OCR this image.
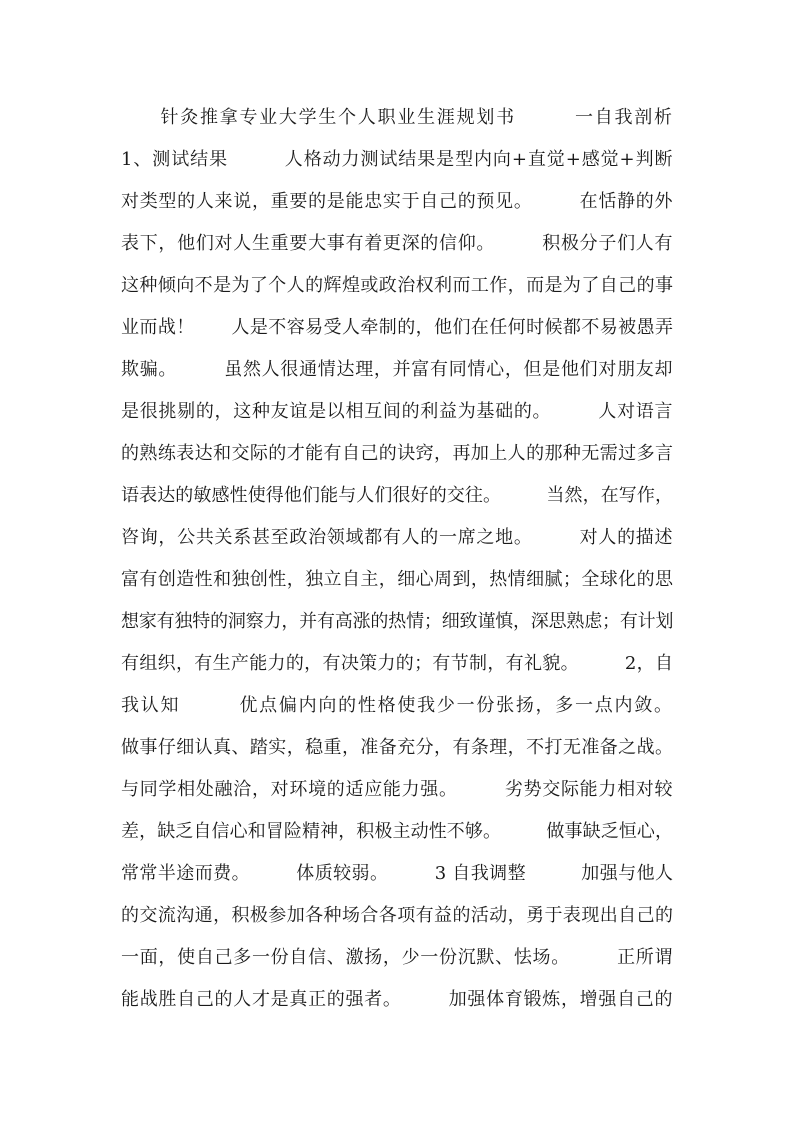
　　针灸推拿专业大学生个人职业生涯规划书　　　一自我剖析
1、测试结果　　　人格动力测试结果是型内向+直觉+感觉+判断
对类型的人来说，重要的是能忠实于自己的预见。　　　在恬静的外
表下，他们对人生重要大事有着更深的信仰。　　　积极分子们人有
这种倾向不是为了个人的辉煌或政治权利而工作，而是为了自己的事
业而战！　　人是不容易受人牵制的，他们在任何时候都不易被愚弄
欺骗。　　　虽然人很通情达理，并富有同情心，但是他们对朋友却
是很挑剔的，这种友谊是以相互间的利益为基础的。　　　人对语言
的熟练表达和交际的才能有自己的诀窍，再加上人的那种无需过多言
语表达的敏感性使得他们能与人们很好的交往。　　　当然，在写作，
咨询，公共关系甚至政治领域都有人的一席之地。　　　对人的描述
富有创造性和独创性，独立自主，细心周到，热情细腻；全球化的思
想家有独特的洞察力，并有高涨的热情；细致谨慎，深思熟虑；有计划
有组织，有生产能力的，有决策力的；有节制，有礼貌。　　　2，自
我认知　　　优点偏内向的性格使我少一份张扬，多一点内敛。
做事仔细认真、踏实，稳重，准备充分，有条理，不打无准备之战。
与同学相处融洽，对环境的适应能力强。　　　劣势交际能力相对较
差，缺乏自信心和冒险精神，积极主动性不够。　　　做事缺乏恒心，
常常半途而费。　　　体质较弱。　　　3 自我调整　　　加强与他人
的交流沟通，积极参加各种场合各项有益的活动，勇于表现出自己的
一面，使自己多一份自信、激扬，少一份沉默、怯场。　　　正所谓
能战胜自己的人才是真正的强者。　　　加强体育锻炼，增强自己的
